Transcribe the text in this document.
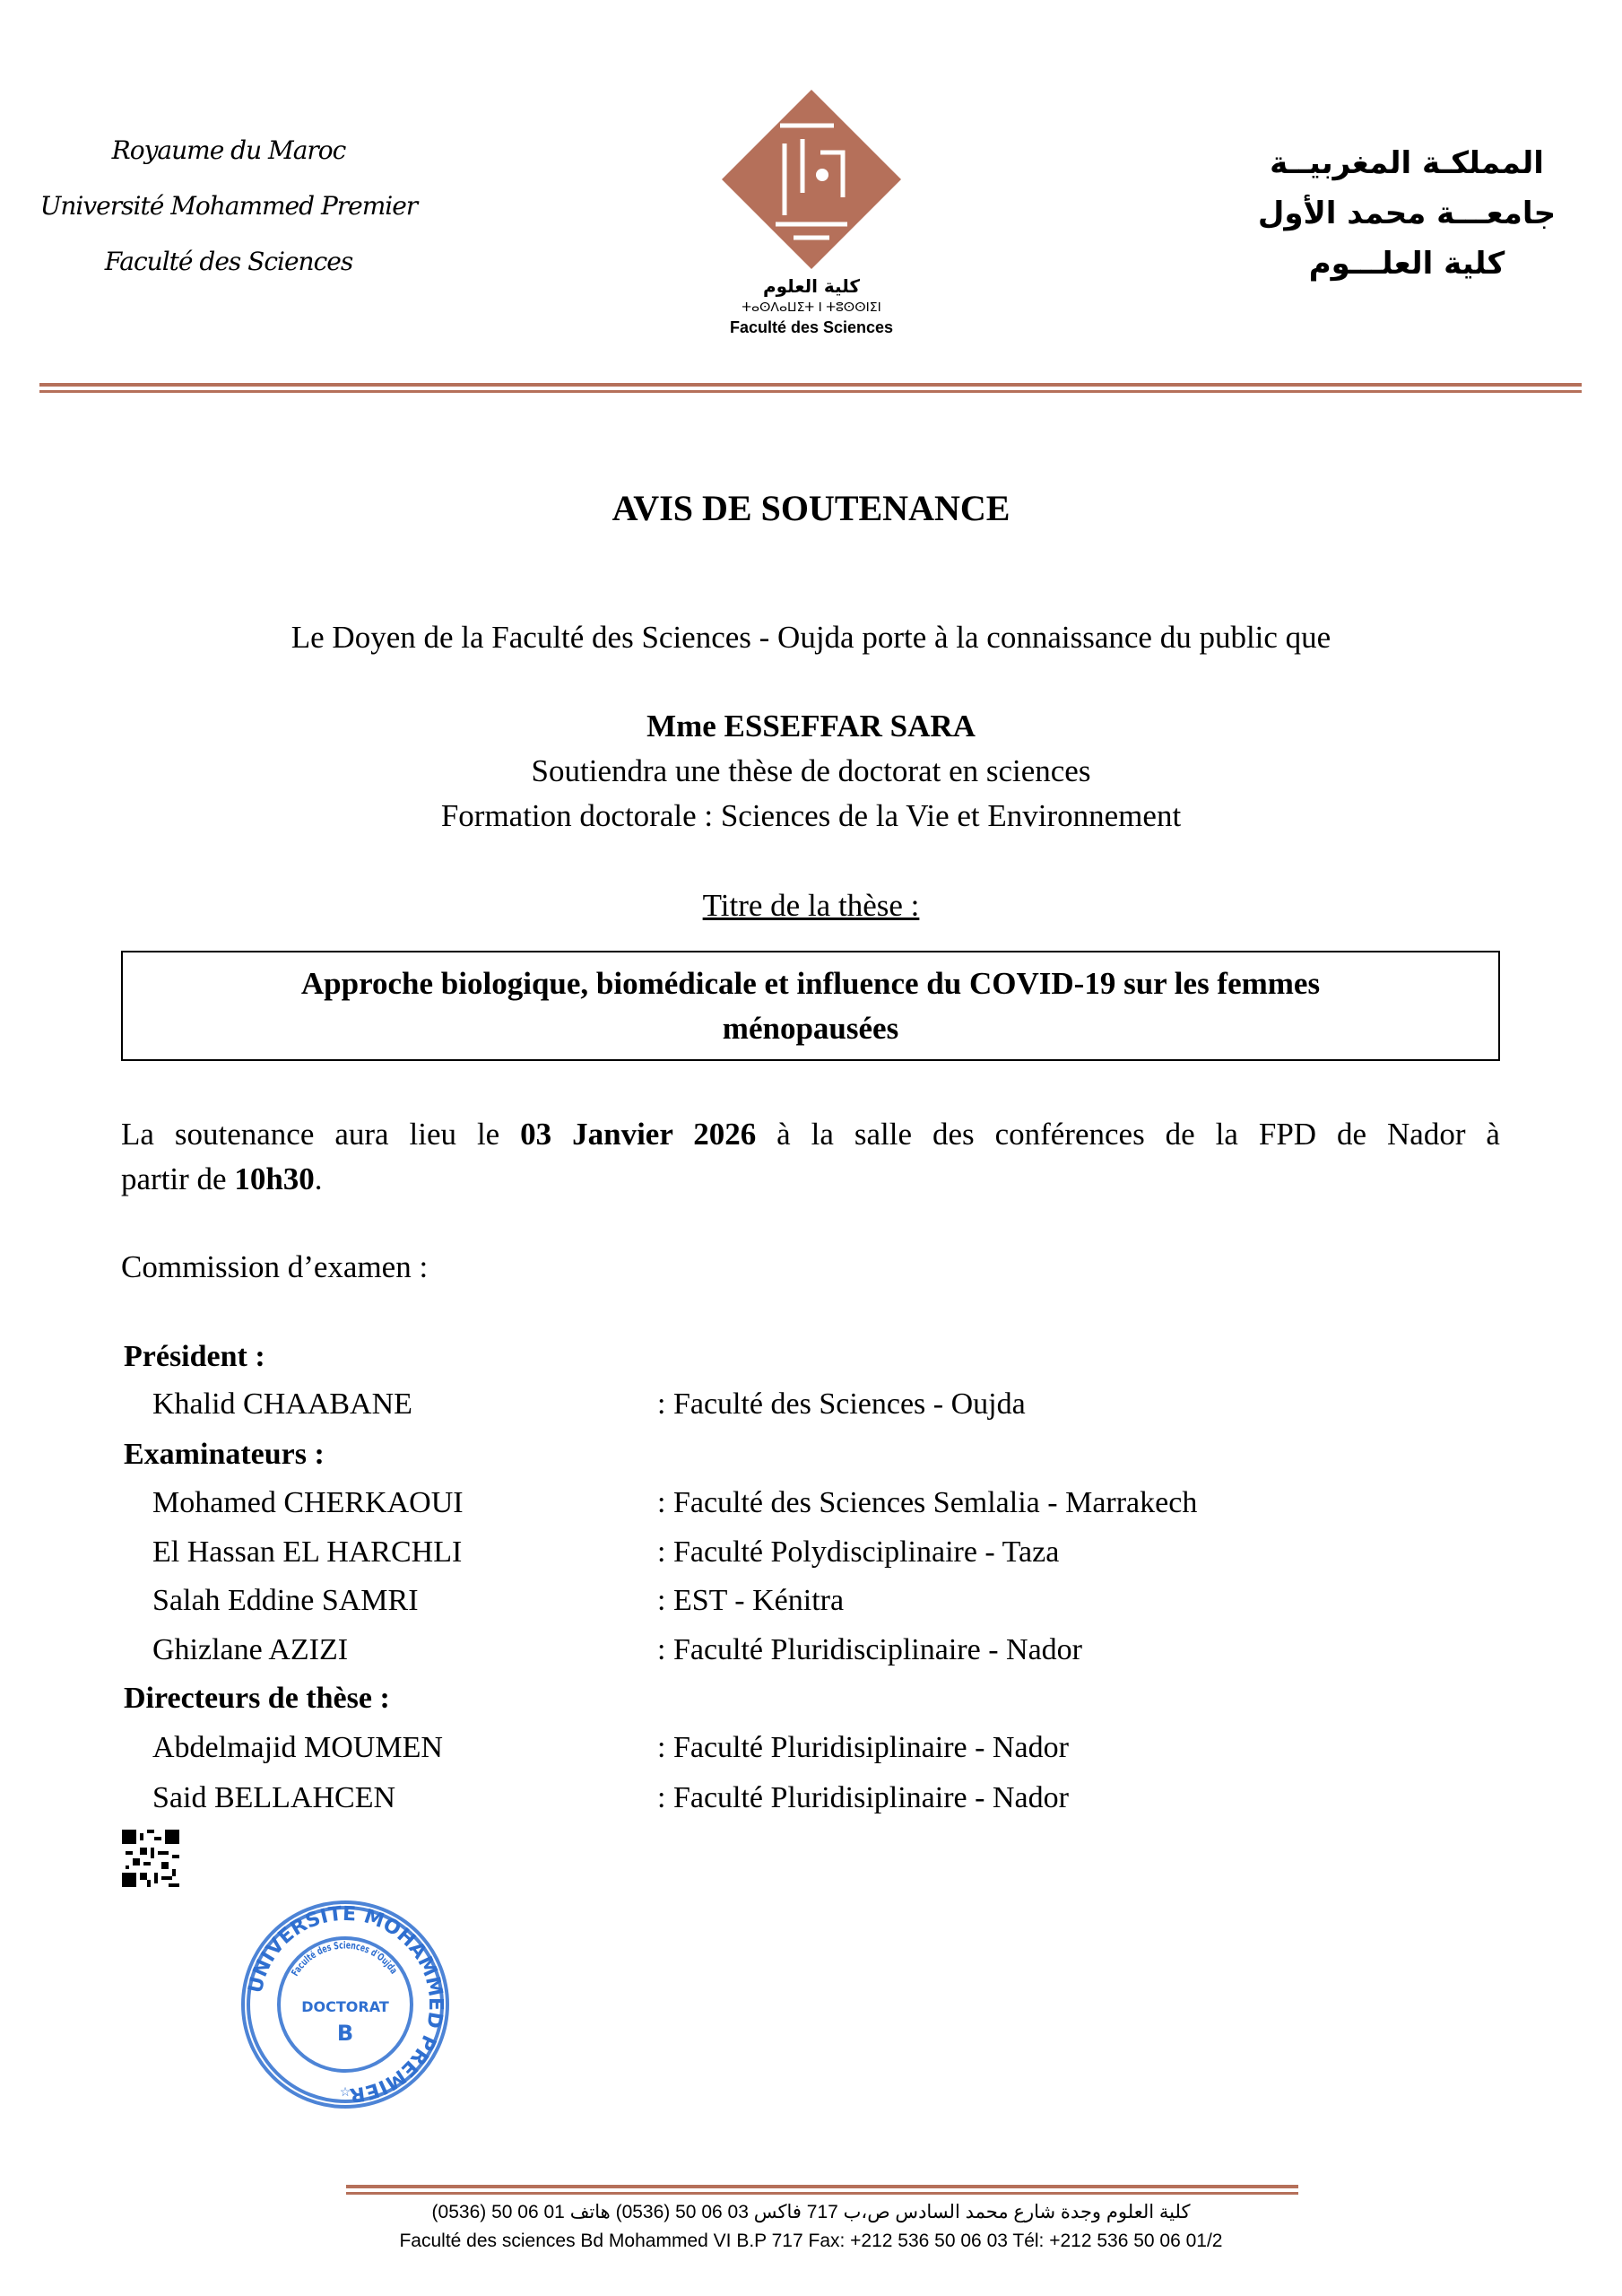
Royaume du Maroc
Université Mohammed Premier
Faculté des Sciences
كلية العلوم
ⵜⴰⵙⴷⴰⵡⵉⵜ ⵏ ⵜⵓⵙⵙⵏⵉⵏ
Faculté des Sciences
المملكـة المغربيــة
جامعـــة محمد الأول
كلية العلـــوم
AVIS DE SOUTENANCE
Le Doyen de la Faculté des Sciences - Oujda porte à la connaissance du public que
Mme ESSEFFAR SARA
Soutiendra une thèse de doctorat en sciences
Formation doctorale : Sciences de la Vie et Environnement
Titre de la thèse :
Approche biologique, biomédicale et influence du COVID-19 sur les femmes
ménopausées
La soutenance aura lieu le 03 Janvier 2026 à la salle des conférences de la FPD de Nador à
partir de 10h30.
Commission d’examen :
Président :
Khalid CHAABANE	: Faculté des Sciences - Oujda
Examinateurs :
Mohamed CHERKAOUI	: Faculté des Sciences Semlalia - Marrakech
El Hassan EL HARCHLI	: Faculté Polydisciplinaire - Taza
Salah Eddine SAMRI	: EST - Kénitra
Ghizlane AZIZI	: Faculté Pluridisciplinaire - Nador
Directeurs de thèse :
Abdelmajid MOUMEN	: Faculté Pluridisiplinaire - Nador
Said BELLAHCEN	: Faculté Pluridisiplinaire - Nador
UNIVERSITE MOHAMMED PREMIER
Faculté des Sciences d'Oujda
DOCTORAT
B
☆
كلية العلوم وجدة شارع محمد السادس ص،ب 717 فاكس 03 06 50 (0536) هاتف 01 06 50 (0536)
Faculté des sciences Bd Mohammed VI B.P 717 Fax: +212 536 50 06 03 Tél: +212 536 50 06 01/2
